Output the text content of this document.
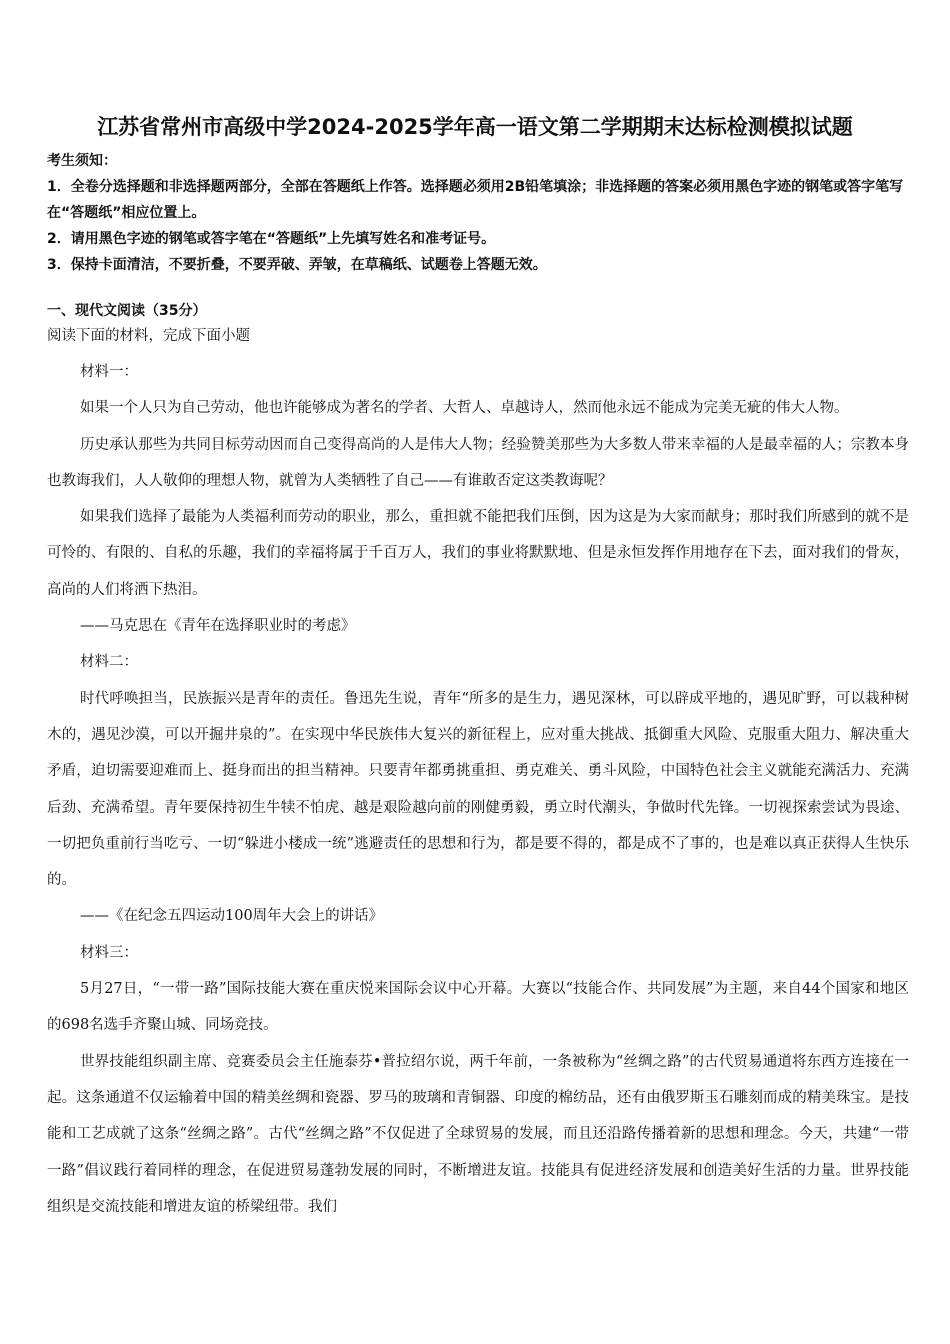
江苏省常州市高级中学2024-2025学年高一语文第二学期期末达标检测模拟试题

考生须知：

1．全卷分选择题和非选择题两部分，全部在答题纸上作答。选择题必须用2B铅笔填涂；非选择题的答案必须用黑色字迹的钢笔或答字笔写在“答题纸”相应位置上。

2．请用黑色字迹的钢笔或答字笔在“答题纸”上先填写姓名和准考证号。

3．保持卡面清洁，不要折叠，不要弄破、弄皱，在草稿纸、试题卷上答题无效。

一、现代文阅读（35分）
阅读下面的材料，完成下面小题

材料一：

如果一个人只为自己劳动，他也许能够成为著名的学者、大哲人、卓越诗人，然而他永远不能成为完美无疵的伟大人物。

历史承认那些为共同目标劳动因而自己变得高尚的人是伟大人物；经验赞美那些为大多数人带来幸福的人是最幸福的人；宗教本身也教诲我们，人人敬仰的理想人物，就曾为人类牺牲了自己——有谁敢否定这类教诲呢？

如果我们选择了最能为人类福利而劳动的职业，那么，重担就不能把我们压倒，因为这是为大家而献身；那时我们所感到的就不是可怜的、有限的、自私的乐趣，我们的幸福将属于千百万人，我们的事业将默默地、但是永恒发挥作用地存在下去，面对我们的骨灰，高尚的人们将洒下热泪。

——马克思在《青年在选择职业时的考虑》

材料二：

时代呼唤担当，民族振兴是青年的责任。鲁迅先生说，青年“所多的是生力，遇见深林，可以辟成平地的，遇见旷野，可以栽种树木的，遇见沙漠，可以开掘井泉的”。在实现中华民族伟大复兴的新征程上，应对重大挑战、抵御重大风险、克服重大阻力、解决重大矛盾，迫切需要迎难而上、挺身而出的担当精神。只要青年都勇挑重担、勇克难关、勇斗风险，中国特色社会主义就能充满活力、充满后劲、充满希望。青年要保持初生牛犊不怕虎、越是艰险越向前的刚健勇毅，勇立时代潮头，争做时代先锋。一切视探索尝试为畏途、一切把负重前行当吃亏、一切“躲进小楼成一统”逃避责任的思想和行为，都是要不得的，都是成不了事的，也是难以真正获得人生快乐的。

——《在纪念五四运动100周年大会上的讲话》

材料三：

5月27日，“一带一路”国际技能大赛在重庆悦来国际会议中心开幕。大赛以“技能合作、共同发展”为主题，来自44个国家和地区的698名选手齐聚山城、同场竞技。

世界技能组织副主席、竞赛委员会主任施泰芬•普拉绍尔说，两千年前，一条被称为“丝绸之路”的古代贸易通道将东西方连接在一起。这条通道不仅运输着中国的精美丝绸和瓷器、罗马的玻璃和青铜器、印度的棉纺品，还有由俄罗斯玉石雕刻而成的精美珠宝。是技能和工艺成就了这条“丝绸之路”。古代“丝绸之路”不仅促进了全球贸易的发展，而且还沿路传播着新的思想和理念。今天，共建“一带一路”倡议践行着同样的理念，在促进贸易蓬勃发展的同时，不断增进友谊。技能具有促进经济发展和创造美好生活的力量。世界技能组织是交流技能和增进友谊的桥梁纽带。我们
